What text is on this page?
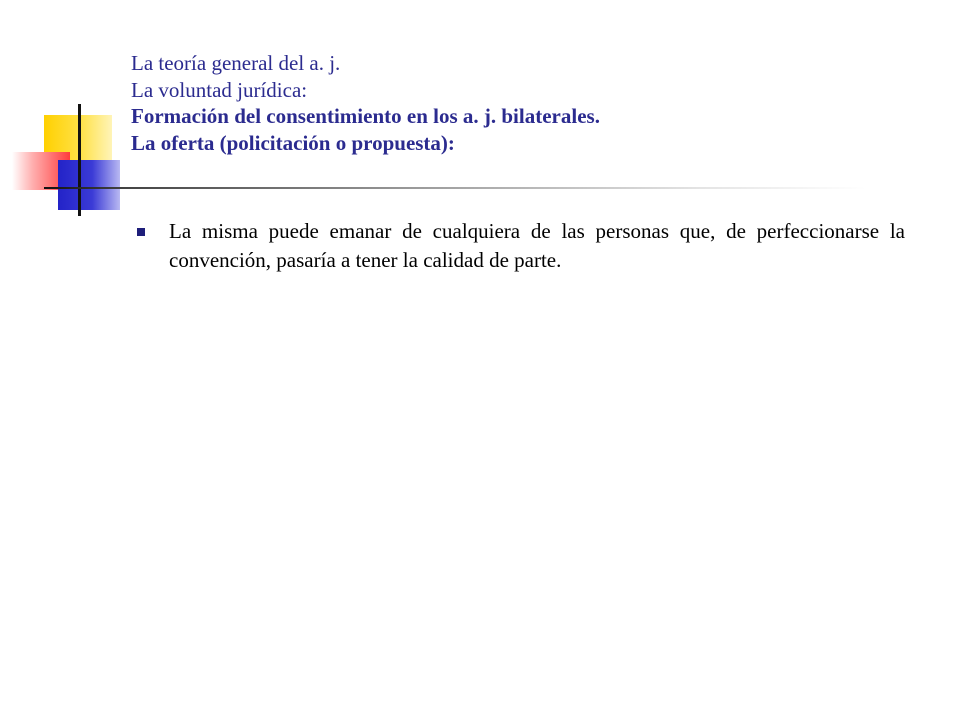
La teoría general del a. j.
La voluntad jurídica:
Formación del consentimiento en los a. j. bilaterales.
La oferta (policitación o propuesta):
La misma puede emanar de cualquiera de las personas que, de perfeccionarse la convención, pasaría a tener la calidad de parte.
